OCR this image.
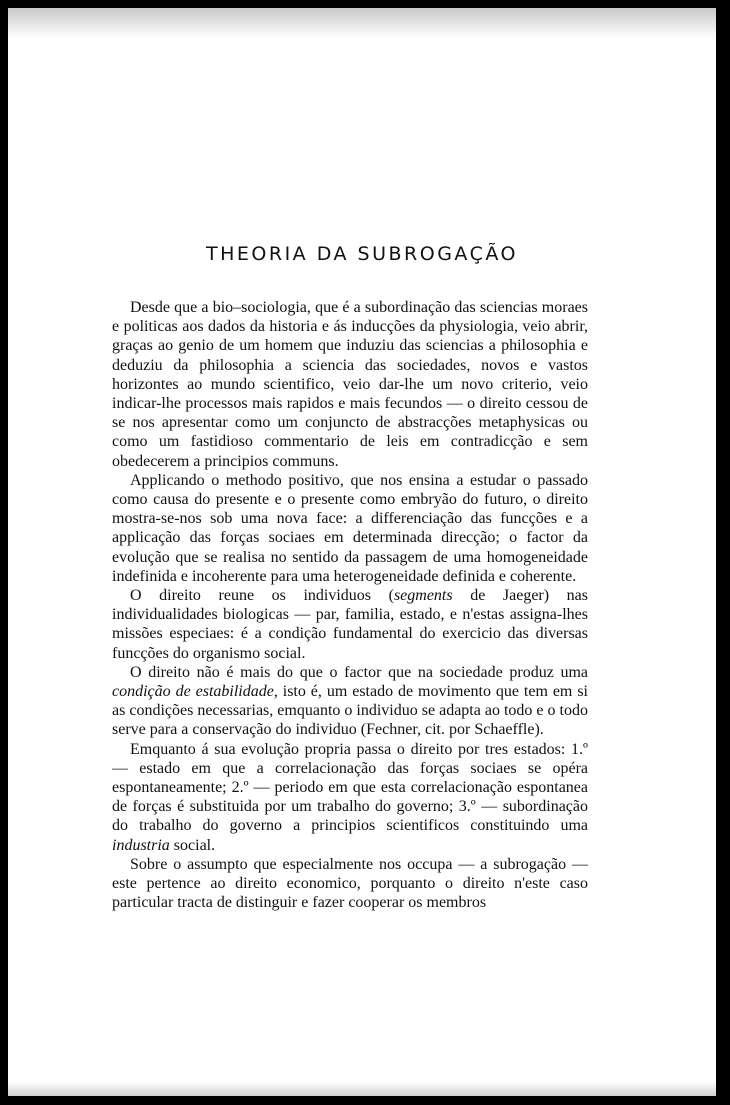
THEORIA DA SUBROGAÇÃO

Desde que a bio–sociologia, que é a subordinação das sciencias moraes e politicas aos dados da historia e ás inducções da physiologia, veio abrir, graças ao genio de um homem que induziu das sciencias a philosophia e deduziu da philosophia a sciencia das sociedades, novos e vastos horizontes ao mundo scientifico, veio dar-lhe um novo criterio, veio indicar-lhe processos mais rapidos e mais fecundos — o direito cessou de se nos apresentar como um conjuncto de abstracções metaphysicas ou como um fastidioso commentario de leis em contradicção e sem obedecerem a principios communs.

Applicando o methodo positivo, que nos ensina a estudar o passado como causa do presente e o presente como embryão do futuro, o direito mostra-se-nos sob uma nova face: a differenciação das funcções e a applicação das forças sociaes em determinada direcção; o factor da evolução que se realisa no sentido da passagem de uma homogeneidade indefinida e incoherente para uma heterogeneidade definida e coherente.

O direito reune os individuos (segments de Jaeger) nas individualidades biologicas — par, familia, estado, e n'estas assigna-lhes missões especiaes: é a condição fundamental do exercicio das diversas funcções do organismo social.

O direito não é mais do que o factor que na sociedade produz uma condição de estabilidade, isto é, um estado de movimento que tem em si as condições necessarias, emquanto o individuo se adapta ao todo e o todo serve para a conservação do individuo (Fechner, cit. por Schaeffle).

Emquanto á sua evolução propria passa o direito por tres estados: 1.º — estado em que a correlacionação das forças sociaes se opéra espontaneamente; 2.º — periodo em que esta correlacionação espontanea de forças é substituida por um trabalho do governo; 3.º — subordinação do trabalho do governo a principios scientificos constituindo uma industria social.

Sobre o assumpto que especialmente nos occupa — a subrogação — este pertence ao direito economico, porquanto o direito n'este caso particular tracta de distinguir e fazer cooperar os membros
